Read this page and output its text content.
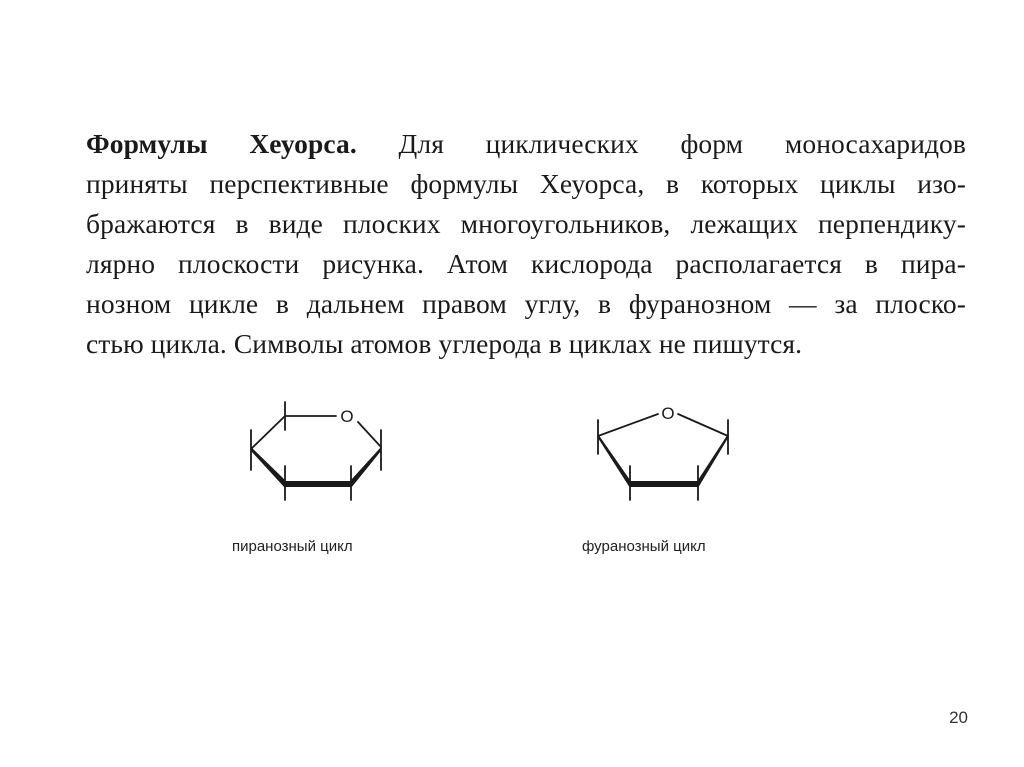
Формулы Хеуорса. Для циклических форм моносахаридов
приняты перспективные формулы Хеуорса, в которых циклы изо-
бражаются в виде плоских многоугольников, лежащих перпендику-
лярно плоскости рисунка. Атом кислорода располагается в пира-
нозном цикле в дальнем правом углу, в фуранозном — за плоско-
стью цикла. Символы атомов углерода в циклах не пишутся.
O
пиранозный цикл
O
фуранозный цикл
20
